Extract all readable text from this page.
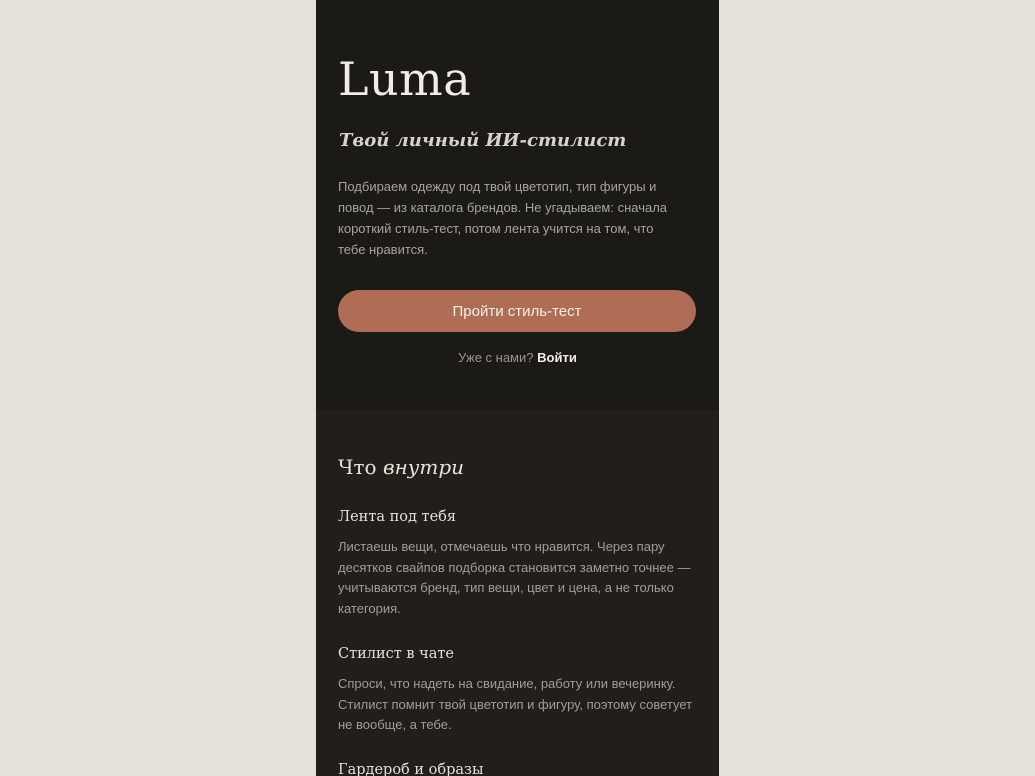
Luma
Твой личный ИИ-стилист

Подбираем одежду под твой цветотип, тип фигуры и повод — из каталога брендов. Не угадываем: сначала короткий стиль-тест, потом лента учится на том, что тебе нравится.

Пройти стиль-тест
Уже с нами? Войти
Что внутри
Лента под тебя

Листаешь вещи, отмечаешь что нравится. Через пару десятков свайпов подборка становится заметно точнее — учитываются бренд, тип вещи, цвет и цена, а не только категория.

Стилист в чате

Спроси, что надеть на свидание, работу или вечеринку. Стилист помнит твой цветотип и фигуру, поэтому советует не вообще, а тебе.

Гардероб и образы
